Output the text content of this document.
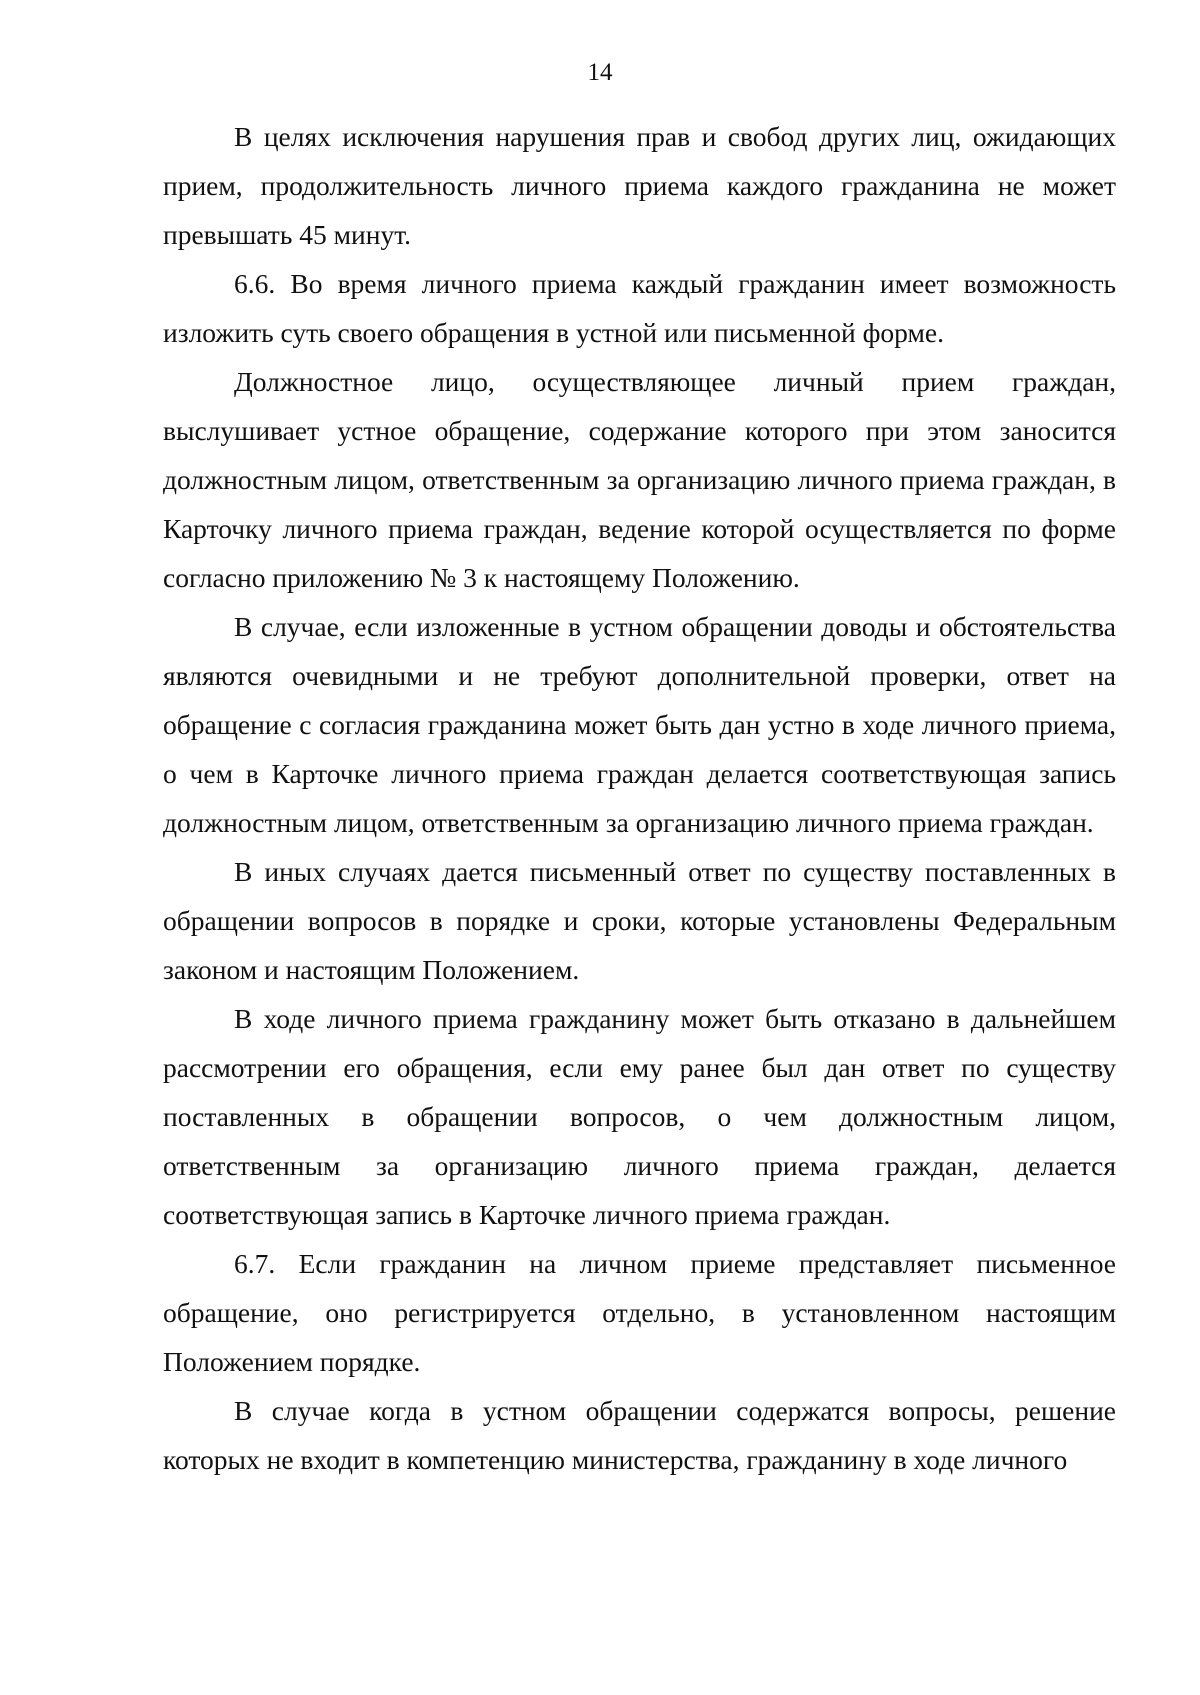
14

В целях исключения нарушения прав и свобод других лиц, ожидающих прием, продолжительность личного приема каждого гражданина не может превышать 45 минут.

6.6. Во время личного приема каждый гражданин имеет возможность изложить суть своего обращения в устной или письменной форме.

Должностное лицо, осуществляющее личный прием граждан, выслушивает устное обращение, содержание которого при этом заносится должностным лицом, ответственным за организацию личного приема граждан, в Карточку личного приема граждан, ведение которой осуществляется по форме согласно приложению № 3 к настоящему Положению.

В случае, если изложенные в устном обращении доводы и обстоятельства являются очевидными и не требуют дополнительной проверки, ответ на обращение с согласия гражданина может быть дан устно в ходе личного приема, о чем в Карточке личного приема граждан делается соответствующая запись должностным лицом, ответственным за организацию личного приема граждан.

В иных случаях дается письменный ответ по существу поставленных в обращении вопросов в порядке и сроки, которые установлены Федеральным законом и настоящим Положением.

В ходе личного приема гражданину может быть отказано в дальнейшем рассмотрении его обращения, если ему ранее был дан ответ по существу поставленных в обращении вопросов, о чем должностным лицом, ответственным за организацию личного приема граждан, делается соответствующая запись в Карточке личного приема граждан.

6.7. Если гражданин на личном приеме представляет письменное обращение, оно регистрируется отдельно, в установленном настоящим Положением порядке.

В случае когда в устном обращении содержатся вопросы, решение которых не входит в компетенцию министерства, гражданину в ходе личного
